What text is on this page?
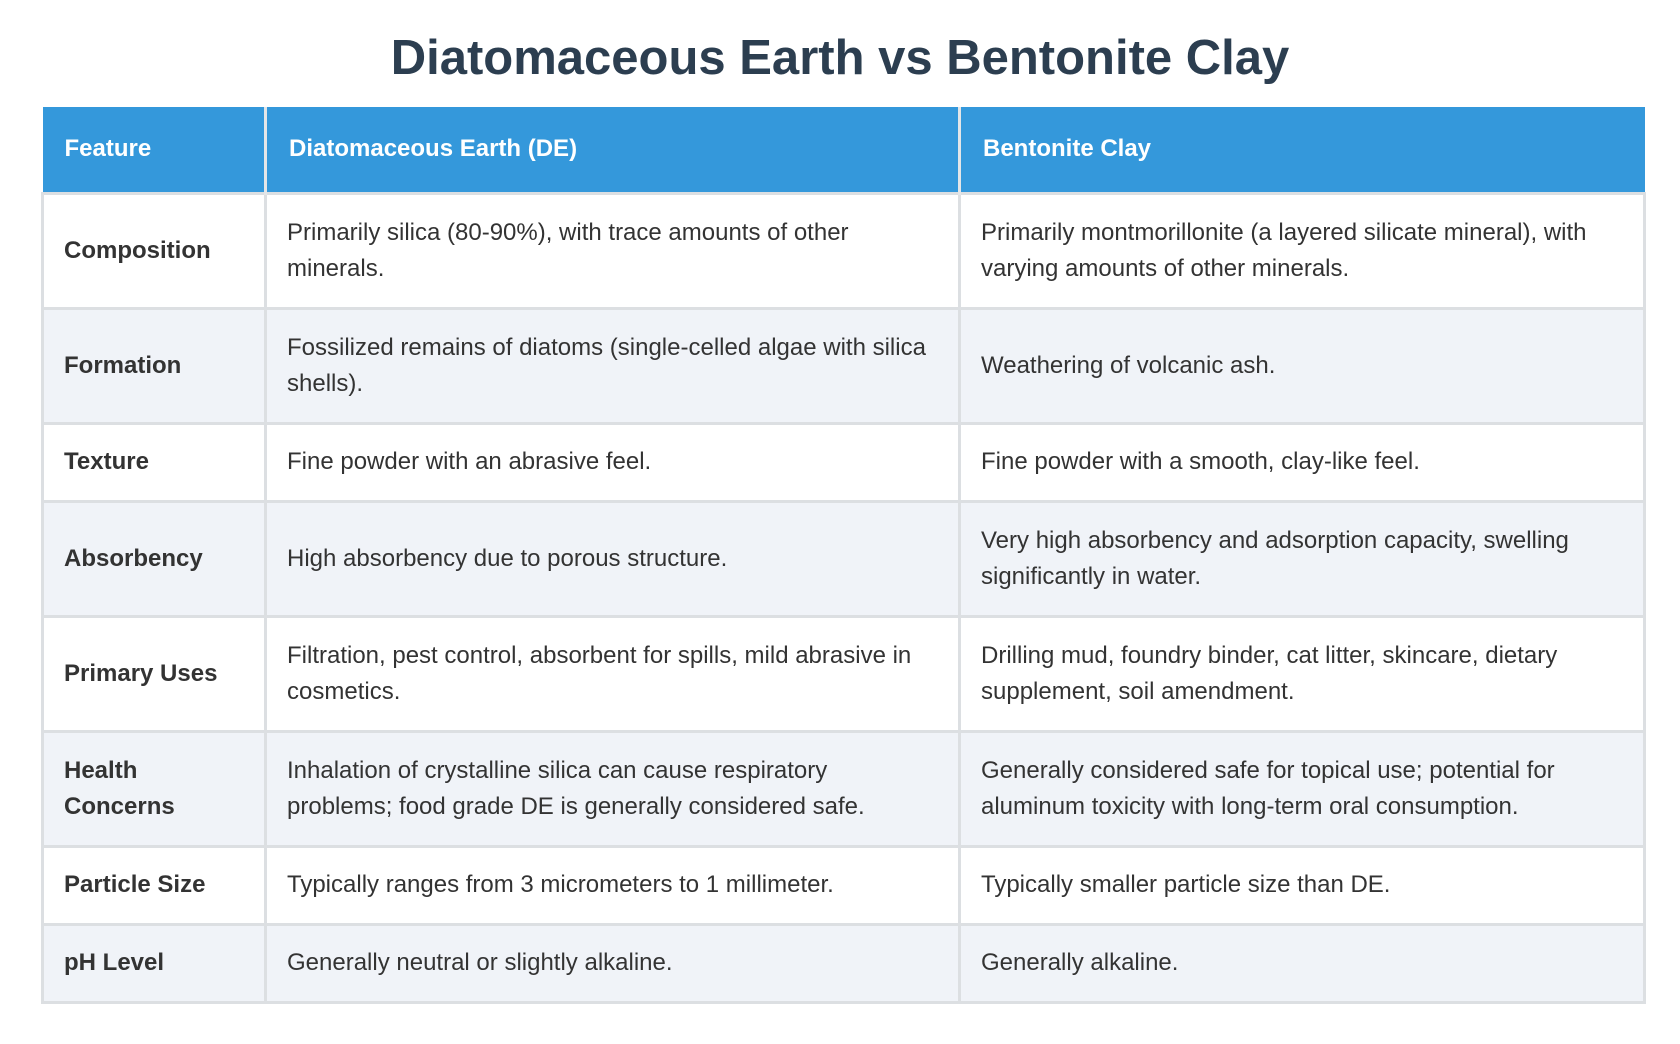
Diatomaceous Earth vs Bentonite Clay
Feature	Diatomaceous Earth (DE)	Bentonite Clay
Composition	Primarily silica (80-90%), with trace amounts of other minerals.	Primarily montmorillonite (a layered silicate mineral), with varying amounts of other minerals.
Formation	Fossilized remains of diatoms (single-celled algae with silica shells).	Weathering of volcanic ash.
Texture	Fine powder with an abrasive feel.	Fine powder with a smooth, clay-like feel.
Absorbency	High absorbency due to porous structure.	Very high absorbency and adsorption capacity, swelling significantly in water.
Primary Uses	Filtration, pest control, absorbent for spills, mild abrasive in cosmetics.	Drilling mud, foundry binder, cat litter, skincare, dietary supplement, soil amendment.
Health Concerns	Inhalation of crystalline silica can cause respiratory problems; food grade DE is generally considered safe.	Generally considered safe for topical use; potential for aluminum toxicity with long-term oral consumption.
Particle Size	Typically ranges from 3 micrometers to 1 millimeter.	Typically smaller particle size than DE.
pH Level	Generally neutral or slightly alkaline.	Generally alkaline.
